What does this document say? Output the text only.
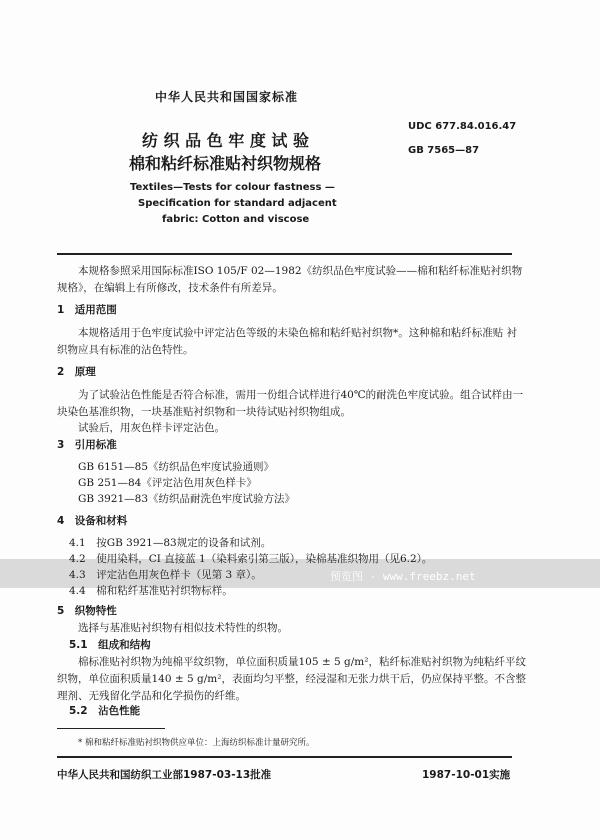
中华人民共和国国家标准
UDC 677.84.016.47
GB 7565—87
纺 织 品 色 牢 度 试 验
棉和粘纤标准贴衬织物规格
Textiles—Tests for colour fastness —
Specification for standard adjacent
fabric: Cotton and viscose
本规格参照采用国际标准ISO 105/F 02—1982《纺织品色牢度试验——棉和粘纤标准贴衬织物
规格》，在编辑上有所修改，技术条件有所差异。
1　适用范围
本规格适用于色牢度试验中评定沾色等级的未染色棉和粘纤贴衬织物*。这种棉和粘纤标准贴 衬
织物应具有标准的沾色特性。
2　原理
为了试验沾色性能是否符合标准，需用一份组合试样进行40℃的耐洗色牢度试验。组合试样由一
块染色基准织物，一块基准贴衬织物和一块待试贴衬织物组成。
试验后，用灰色样卡评定沾色。
3　引用标准
GB 6151—85《纺织品色牢度试验通则》
GB 251—84《评定沾色用灰色样卡》
GB 3921—83《纺织品耐洗色牢度试验方法》
4　设备和材料
4.1　按GB 3921—83规定的设备和试剂。
4.2　使用染料，CI 直接蓝 1（染料索引第三版），染棉基准织物用（见6.2）。
4.3　评定沾色用灰色样卡（见第 3 章）。
4.4　棉和粘纤基准贴衬织物标样。
5　织物特性
选择与基准贴衬织物有相似技术特性的织物。
5.1　组成和结构
棉标准贴衬织物为纯棉平纹织物，单位面积质量105 ± 5 g/m²，粘纤标准贴衬织物为纯粘纤平纹
织物，单位面积质量140 ± 5 g/m²，表面均匀平整，经浸湿和无张力烘干后，仍应保持平整。不含整
理剂、无残留化学品和化学损伤的纤维。
5.2　沾色性能
* 棉和粘纤标准贴衬织物供应单位：上海纺织标准计量研究所。
中华人民共和国纺织工业部1987-03-13批准	1987-10-01实施
预览图 - www.freebz.net
